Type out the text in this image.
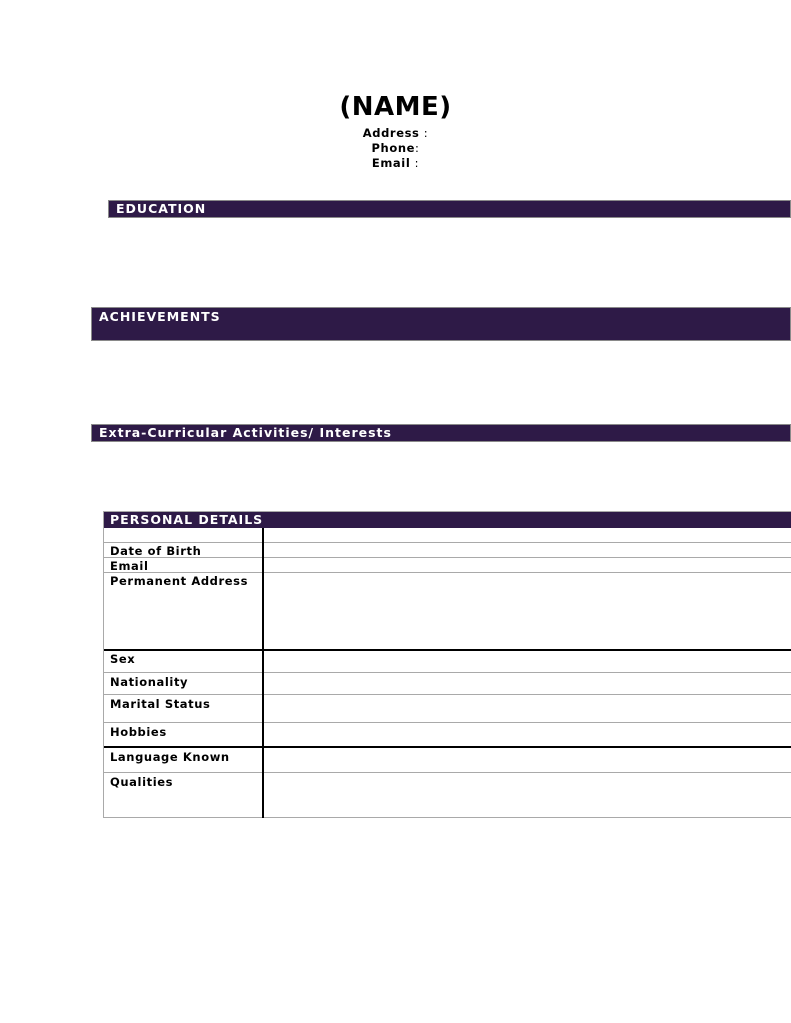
(NAME)
Address :
Phone:
Email :
EDUCATION
ACHIEVEMENTS
Extra-Curricular Activities/ Interests
PERSONAL DETAILS
Date of Birth
Email
Permanent Address
Sex
Nationality
Marital Status
Hobbies
Language Known
Qualities
